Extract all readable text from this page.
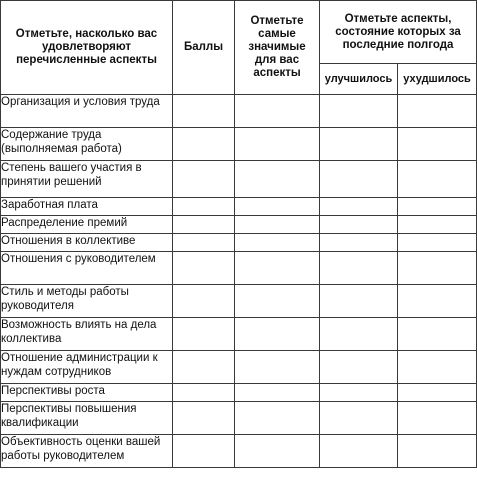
Отметьте, насколько вас удовлетворяют перечисленные аспекты	Баллы	Отметьте самые значимые для вас аспекты	Отметьте аспекты, состояние которых за последние полгода	
			улучшилось	ухудшилось
Организация и условия труда				
Содержание труда (выполняемая работа)				
Степень вашего участия в принятии решений				
Заработная плата				
Распределение премий				
Отношения в коллективе				
Отношения с руководителем				
Стиль и методы работы руководителя				
Возможность влиять на дела коллектива				
Отношение администрации к нуждам сотрудников				
Перспективы роста				
Перспективы повышения квалификации				
Объективность оценки вашей работы руководителем				
